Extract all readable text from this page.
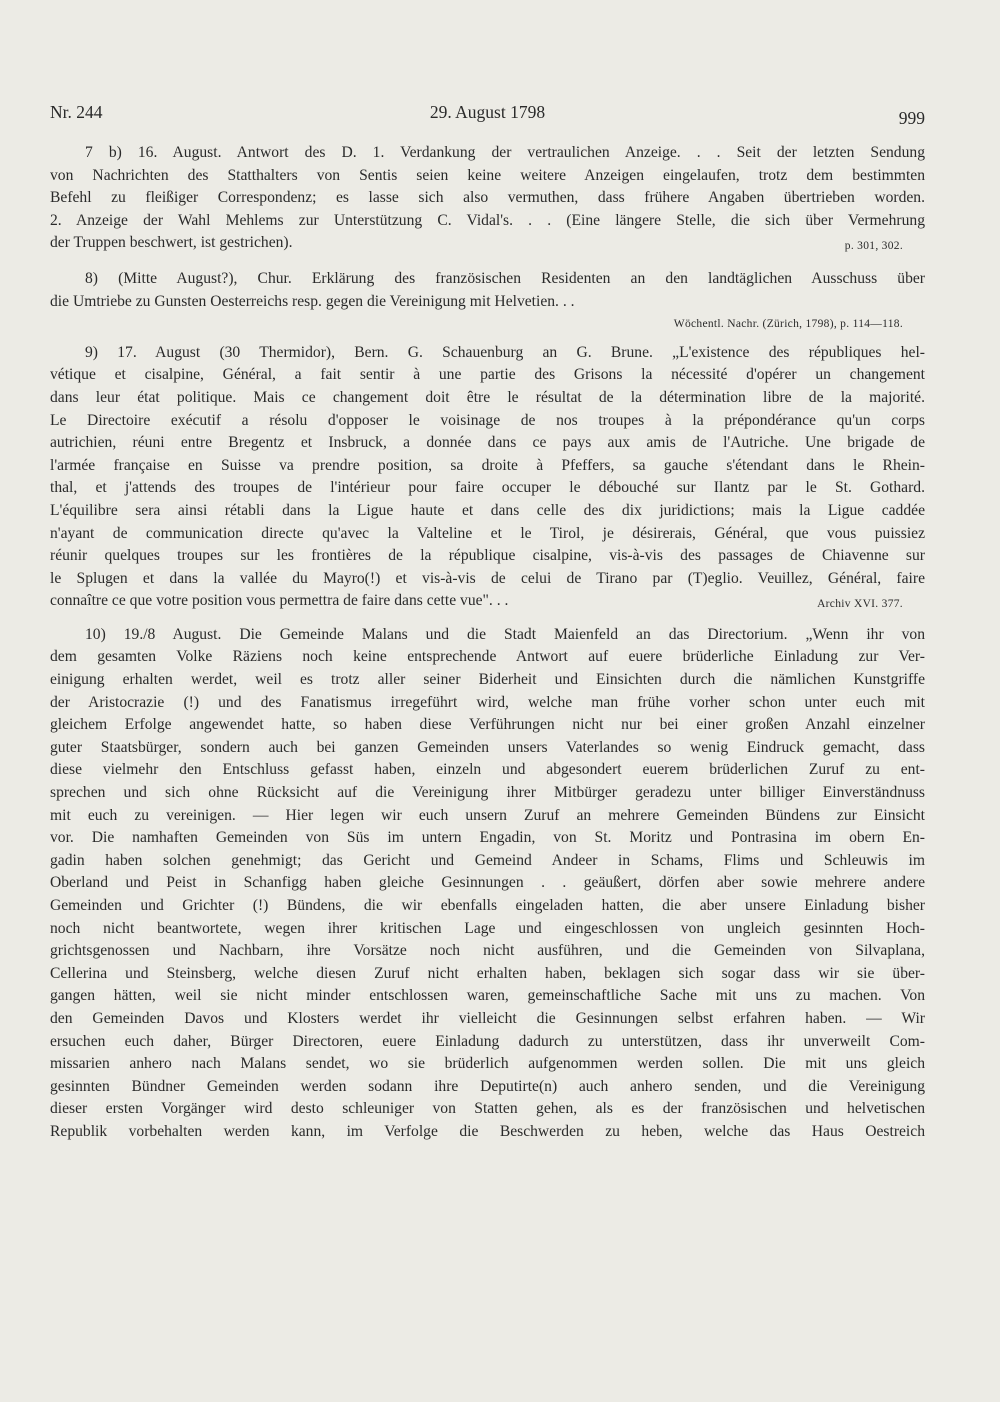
Nr. 244	29. August 1798	999
7 b) 16. August. Antwort des D. 1. Verdankung der vertraulichen Anzeige. . . Seit der letzten Sendung
von Nachrichten des Statthalters von Sentis seien keine weitere Anzeigen eingelaufen, trotz dem bestimmten
Befehl zu fleißiger Correspondenz; es lasse sich also vermuthen, dass frühere Angaben übertrieben worden.
2. Anzeige der Wahl Mehlems zur Unterstützung C. Vidal's. . . (Eine längere Stelle, die sich über Vermehrung
der Truppen beschwert, ist gestrichen).	p. 301, 302.
8) (Mitte August?), Chur. Erklärung des französischen Residenten an den landtäglichen Ausschuss über
die Umtriebe zu Gunsten Oesterreichs resp. gegen die Vereinigung mit Helvetien. . .
Wöchentl. Nachr. (Zürich, 1798), p. 114—118.
9) 17. August (30 Thermidor), Bern. G. Schauenburg an G. Brune. „L'existence des républiques hel-
vétique et cisalpine, Général, a fait sentir à une partie des Grisons la nécessité d'opérer un changement
dans leur état politique. Mais ce changement doit être le résultat de la détermination libre de la majorité.
Le Directoire exécutif a résolu d'opposer le voisinage de nos troupes à la prépondérance qu'un corps
autrichien, réuni entre Bregentz et Insbruck, a donnée dans ce pays aux amis de l'Autriche. Une brigade de
l'armée française en Suisse va prendre position, sa droite à Pfeffers, sa gauche s'étendant dans le Rhein-
thal, et j'attends des troupes de l'intérieur pour faire occuper le débouché sur Ilantz par le St. Gothard.
L'équilibre sera ainsi rétabli dans la Ligue haute et dans celle des dix juridictions; mais la Ligue caddée
n'ayant de communication directe qu'avec la Valteline et le Tirol, je désirerais, Général, que vous puissiez
réunir quelques troupes sur les frontières de la république cisalpine, vis-à-vis des passages de Chiavenne sur
le Splugen et dans la vallée du Mayro(!) et vis-à-vis de celui de Tirano par (T)eglio. Veuillez, Général, faire
connaître ce que votre position vous permettra de faire dans cette vue". . .	Archiv XVI. 377.
10) 19./8 August. Die Gemeinde Malans und die Stadt Maienfeld an das Directorium. „Wenn ihr von
dem gesamten Volke Räziens noch keine entsprechende Antwort auf euere brüderliche Einladung zur Ver-
einigung erhalten werdet, weil es trotz aller seiner Biderheit und Einsichten durch die nämlichen Kunstgriffe
der Aristocrazie (!) und des Fanatismus irregeführt wird, welche man frühe vorher schon unter euch mit
gleichem Erfolge angewendet hatte, so haben diese Verführungen nicht nur bei einer großen Anzahl einzelner
guter Staatsbürger, sondern auch bei ganzen Gemeinden unsers Vaterlandes so wenig Eindruck gemacht, dass
diese vielmehr den Entschluss gefasst haben, einzeln und abgesondert euerem brüderlichen Zuruf zu ent-
sprechen und sich ohne Rücksicht auf die Vereinigung ihrer Mitbürger geradezu unter billiger Einverständnuss
mit euch zu vereinigen. — Hier legen wir euch unsern Zuruf an mehrere Gemeinden Bündens zur Einsicht
vor. Die namhaften Gemeinden von Süs im untern Engadin, von St. Moritz und Pontrasina im obern En-
gadin haben solchen genehmigt; das Gericht und Gemeind Andeer in Schams, Flims und Schleuwis im
Oberland und Peist in Schanfigg haben gleiche Gesinnungen . . geäußert, dörfen aber sowie mehrere andere
Gemeinden und Grichter (!) Bündens, die wir ebenfalls eingeladen hatten, die aber unsere Einladung bisher
noch nicht beantwortete, wegen ihrer kritischen Lage und eingeschlossen von ungleich gesinnten Hoch-
grichtsgenossen und Nachbarn, ihre Vorsätze noch nicht ausführen, und die Gemeinden von Silvaplana,
Cellerina und Steinsberg, welche diesen Zuruf nicht erhalten haben, beklagen sich sogar dass wir sie über-
gangen hätten, weil sie nicht minder entschlossen waren, gemeinschaftliche Sache mit uns zu machen. Von
den Gemeinden Davos und Klosters werdet ihr vielleicht die Gesinnungen selbst erfahren haben. — Wir
ersuchen euch daher, Bürger Directoren, euere Einladung dadurch zu unterstützen, dass ihr unverweilt Com-
missarien anhero nach Malans sendet, wo sie brüderlich aufgenommen werden sollen. Die mit uns gleich
gesinnten Bündner Gemeinden werden sodann ihre Deputirte(n) auch anhero senden, und die Vereinigung
dieser ersten Vorgänger wird desto schleuniger von Statten gehen, als es der französischen und helvetischen
Republik vorbehalten werden kann, im Verfolge die Beschwerden zu heben, welche das Haus Oestreich
